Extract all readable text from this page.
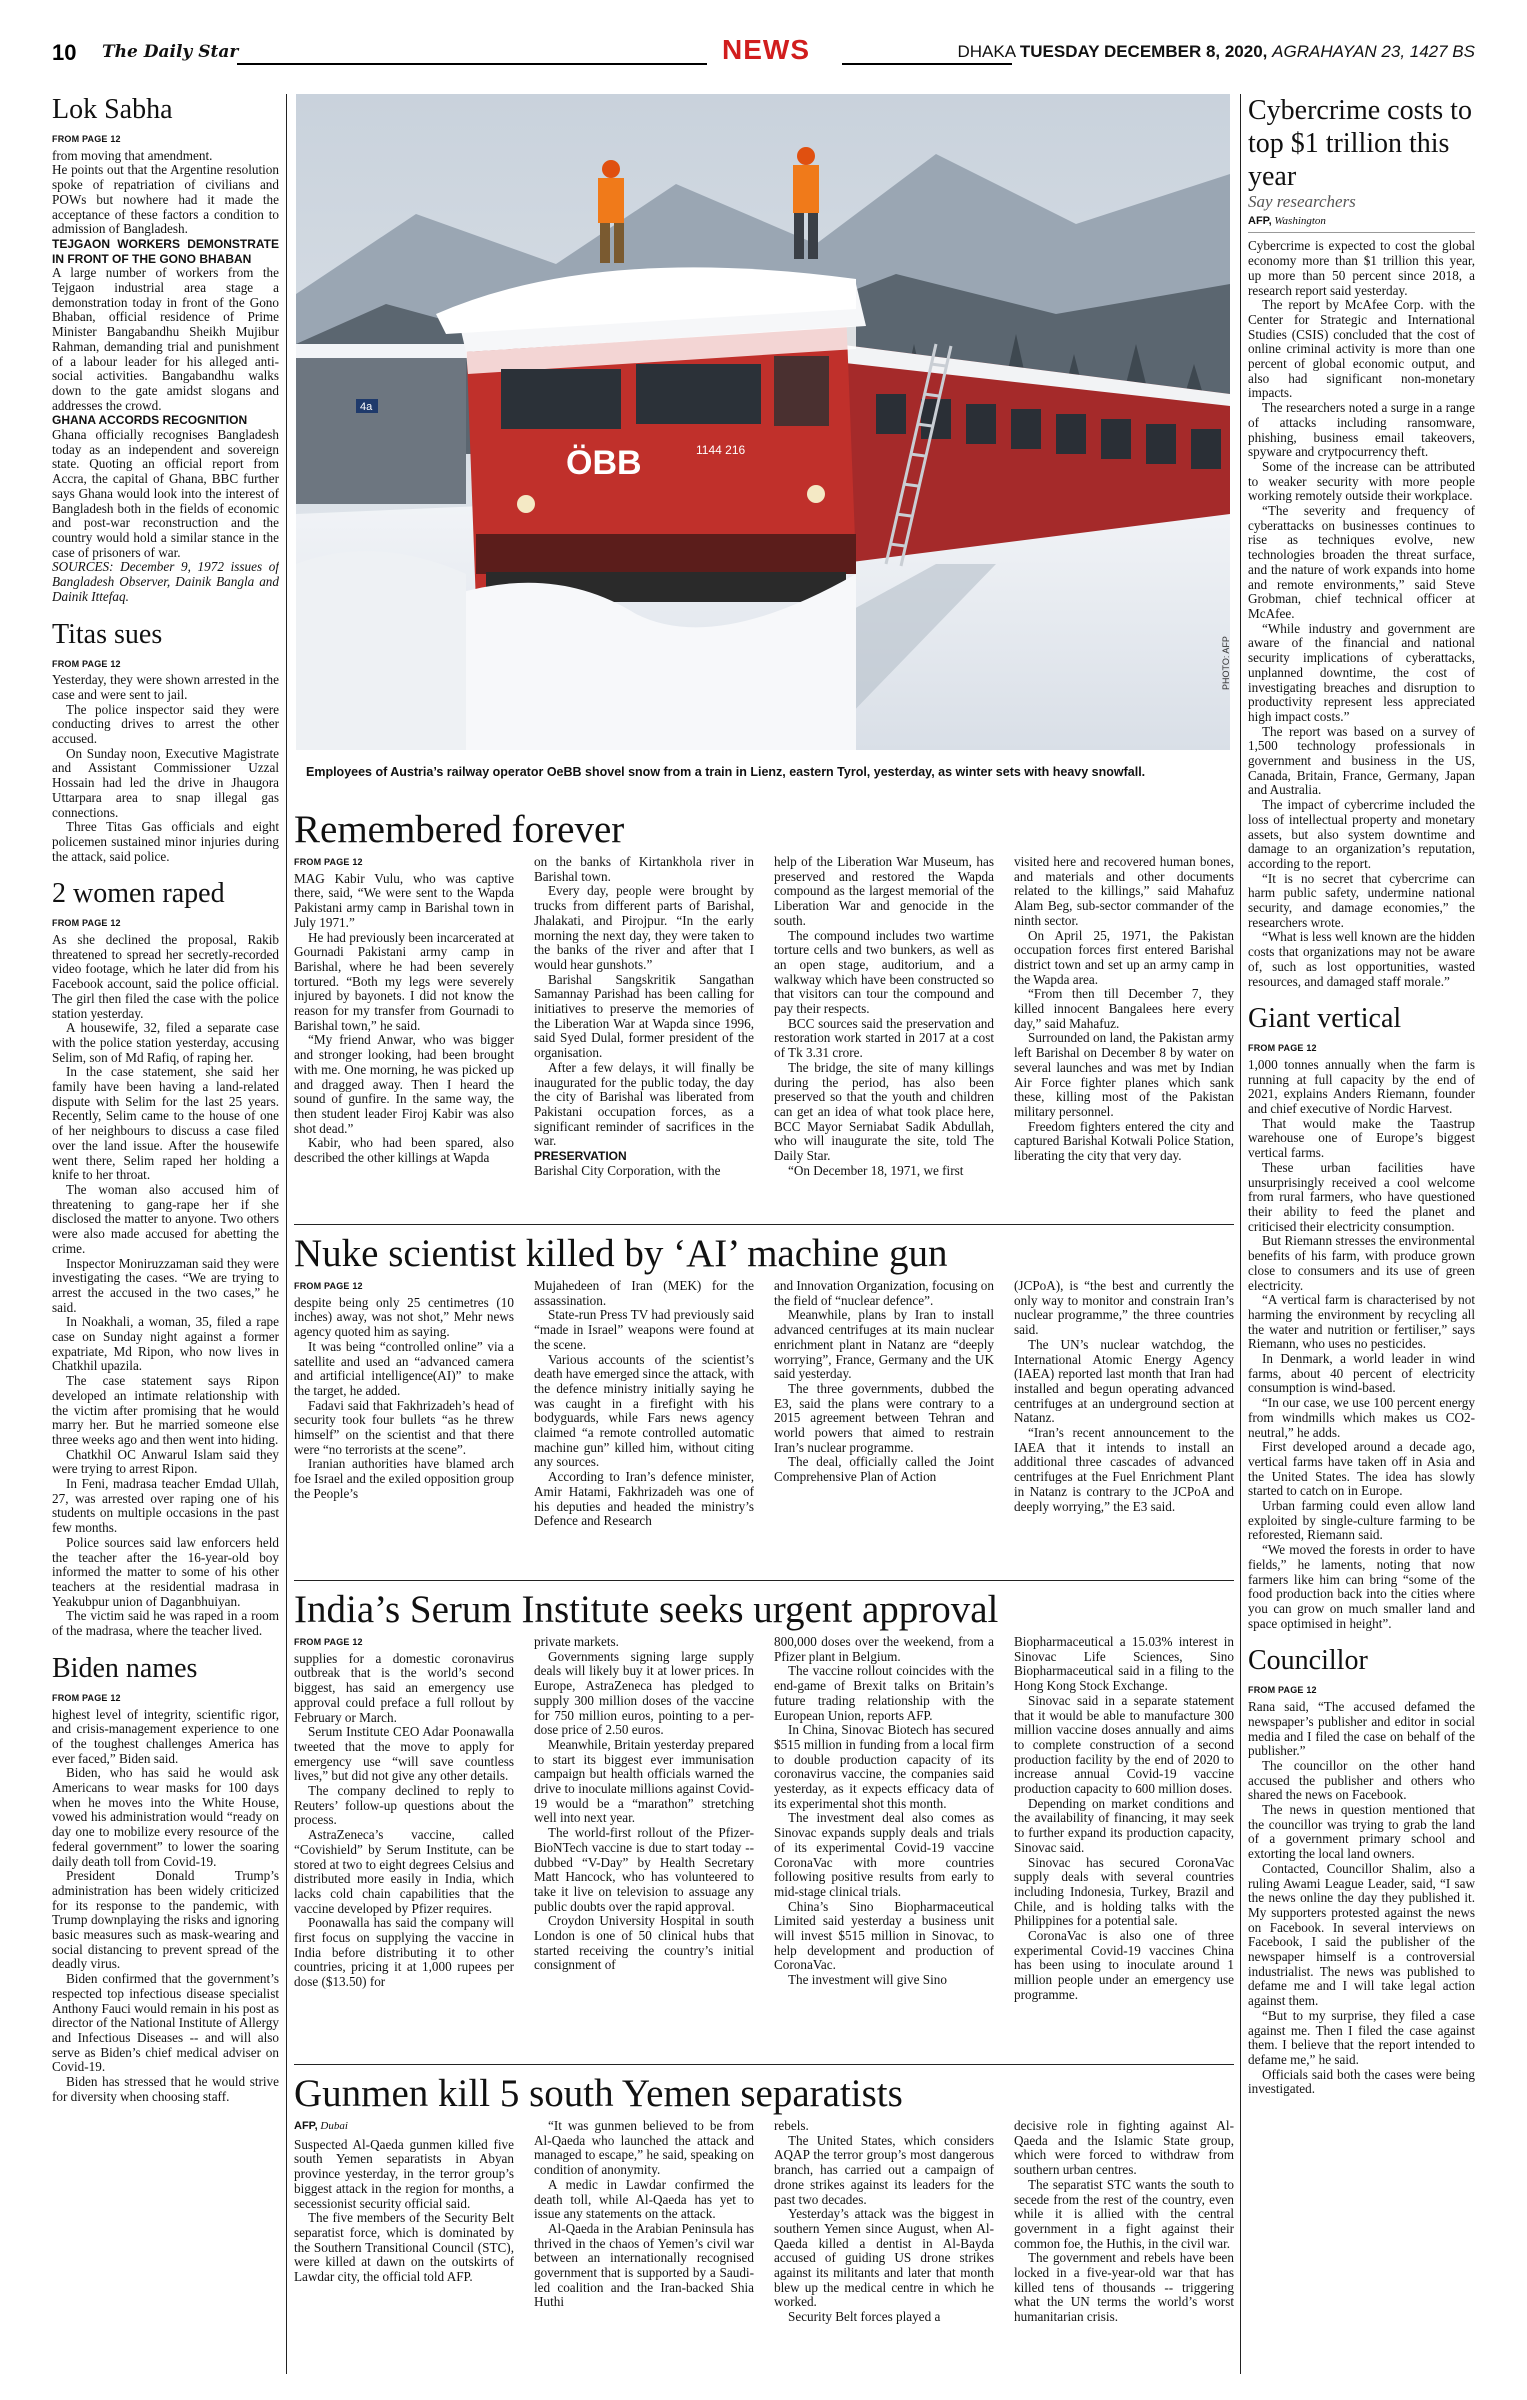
10 The Daily Star	NEWS	DHAKA TUESDAY DECEMBER 8, 2020, AGRAHAYAN 23, 1427 BS
Lok Sabha
FROM PAGE 12

from moving that amendment.

He points out that the Argentine resolution spoke of repatriation of civilians and POWs but nowhere had it made the acceptance of these factors a condition to admission of Bangladesh.

TEJGAON WORKERS DEMONSTRATE IN FRONT OF THE GONO BHABAN

A large number of workers from the Tejgaon industrial area stage a demonstration today in front of the Gono Bhaban, official residence of Prime Minister Bangabandhu Sheikh Mujibur Rahman, demanding trial and punishment of a labour leader for his alleged anti-social activities. Bangabandhu walks down to the gate amidst slogans and addresses the crowd.

GHANA ACCORDS RECOGNITION

Ghana officially recognises Bangladesh today as an independent and sovereign state. Quoting an official report from Accra, the capital of Ghana, BBC further says Ghana would look into the interest of Bangladesh both in the fields of economic and post-war reconstruction and the country would hold a similar stance in the case of prisoners of war.

SOURCES: December 9, 1972 issues of Bangladesh Observer, Dainik Bangla and Dainik Ittefaq.

Titas sues
FROM PAGE 12

Yesterday, they were shown arrested in the case and were sent to jail.

The police inspector said they were conducting drives to arrest the other accused.

On Sunday noon, Executive Magistrate and Assistant Commissioner Uzzal Hossain had led the drive in Jhaugora Uttarpara area to snap illegal gas connections.

Three Titas Gas officials and eight policemen sustained minor injuries during the attack, said police.

2 women raped
FROM PAGE 12

As she declined the proposal, Rakib threatened to spread her secretly-recorded video footage, which he later did from his Facebook account, said the police official. The girl then filed the case with the police station yesterday.

A housewife, 32, filed a separate case with the police station yesterday, accusing Selim, son of Md Rafiq, of raping her.

In the case statement, she said her family have been having a land-related dispute with Selim for the last 25 years. Recently, Selim came to the house of one of her neighbours to discuss a case filed over the land issue. After the housewife went there, Selim raped her holding a knife to her throat.

The woman also accused him of threatening to gang-rape her if she disclosed the matter to anyone. Two others were also made accused for abetting the crime.

Inspector Moniruzzaman said they were investigating the cases. “We are trying to arrest the accused in the two cases,” he said.

In Noakhali, a woman, 35, filed a rape case on Sunday night against a former expatriate, Md Ripon, who now lives in Chatkhil upazila.

The case statement says Ripon developed an intimate relationship with the victim after promising that he would marry her. But he married someone else three weeks ago and then went into hiding.

Chatkhil OC Anwarul Islam said they were trying to arrest Ripon.

In Feni, madrasa teacher Emdad Ullah, 27, was arrested over raping one of his students on multiple occasions in the past few months.

Police sources said law enforcers held the teacher after the 16-year-old boy informed the matter to some of his other teachers at the residential madrasa in Yeakubpur union of Daganbhuiyan.

The victim said he was raped in a room of the madrasa, where the teacher lived.

Biden names
FROM PAGE 12

highest level of integrity, scientific rigor, and crisis-management experience to one of the toughest challenges America has ever faced,” Biden said.

Biden, who has said he would ask Americans to wear masks for 100 days when he moves into the White House, vowed his administration would “ready on day one to mobilize every resource of the federal government” to lower the soaring daily death toll from Covid-19.

President Donald Trump’s administration has been widely criticized for its response to the pandemic, with Trump downplaying the risks and ignoring basic measures such as mask-wearing and social distancing to prevent spread of the deadly virus.

Biden confirmed that the government’s respected top infectious disease specialist Anthony Fauci would remain in his post as director of the National Institute of Allergy and Infectious Diseases -- and will also serve as Biden’s chief medical adviser on Covid-19.

Biden has stressed that he would strive for diversity when choosing staff.

4a
ÖBB	1144 216
PHOTO: AFP
Employees of Austria’s railway operator OeBB shovel snow from a train in Lienz, eastern Tyrol, yesterday, as winter sets with heavy snowfall.
Remembered forever
FROM PAGE 12

MAG Kabir Vulu, who was captive there, said, “We were sent to the Wapda Pakistani army camp in Barishal town in July 1971.”

He had previously been incarcerated at Gournadi Pakistani army camp in Barishal, where he had been severely tortured. “Both my legs were severely injured by bayonets. I did not know the reason for my transfer from Gournadi to Barishal town,” he said.

“My friend Anwar, who was bigger and stronger looking, had been brought with me. One morning, he was picked up and dragged away. Then I heard the sound of gunfire. In the same way, the then student leader Firoj Kabir was also shot dead.”

Kabir, who had been spared, also described the other killings at Wapda

on the banks of Kirtankhola river in Barishal town.

Every day, people were brought by trucks from different parts of Barishal, Jhalakati, and Pirojpur. “In the early morning the next day, they were taken to the banks of the river and after that I would hear gunshots.”

Barishal Sangskritik Sangathan Samannay Parishad has been calling for initiatives to preserve the memories of the Liberation War at Wapda since 1996, said Syed Dulal, former president of the organisation.

After a few delays, it will finally be inaugurated for the public today, the day the city of Barishal was liberated from Pakistani occupation forces, as a significant reminder of sacrifices in the war.

PRESERVATION

Barishal City Corporation, with the

help of the Liberation War Museum, has preserved and restored the Wapda compound as the largest memorial of the Liberation War and genocide in the south.

The compound includes two wartime torture cells and two bunkers, as well as an open stage, auditorium, and a walkway which have been constructed so that visitors can tour the compound and pay their respects.

BCC sources said the preservation and restoration work started in 2017 at a cost of Tk 3.31 crore.

The bridge, the site of many killings during the period, has also been preserved so that the youth and children can get an idea of what took place here, BCC Mayor Serniabat Sadik Abdullah, who will inaugurate the site, told The Daily Star.

“On December 18, 1971, we first

visited here and recovered human bones, and materials and other documents related to the killings,” said Mahafuz Alam Beg, sub-sector commander of the ninth sector.

On April 25, 1971, the Pakistan occupation forces first entered Barishal district town and set up an army camp in the Wapda area.

“From then till December 7, they killed innocent Bangalees here every day,” said Mahafuz.

Surrounded on land, the Pakistan army left Barishal on December 8 by water on several launches and was met by Indian Air Force fighter planes which sank these, killing most of the Pakistan military personnel.

Freedom fighters entered the city and captured Barishal Kotwali Police Station, liberating the city that very day.

Nuke scientist killed by ‘AI’ machine gun
FROM PAGE 12

despite being only 25 centimetres (10 inches) away, was not shot,” Mehr news agency quoted him as saying.

It was being “controlled online” via a satellite and used an “advanced camera and artificial intelligence(AI)” to make the target, he added.

Fadavi said that Fakhrizadeh’s head of security took four bullets “as he threw himself” on the scientist and that there were “no terrorists at the scene”.

Iranian authorities have blamed arch foe Israel and the exiled opposition group the People’s

Mujahedeen of Iran (MEK) for the assassination.

State-run Press TV had previously said “made in Israel” weapons were found at the scene.

Various accounts of the scientist’s death have emerged since the attack, with the defence ministry initially saying he was caught in a firefight with his bodyguards, while Fars news agency claimed “a remote controlled automatic machine gun” killed him, without citing any sources.

According to Iran’s defence minister, Amir Hatami, Fakhrizadeh was one of his deputies and headed the ministry’s Defence and Research

and Innovation Organization, focusing on the field of “nuclear defence”.

Meanwhile, plans by Iran to install advanced centrifuges at its main nuclear enrichment plant in Natanz are “deeply worrying”, France, Germany and the UK said yesterday.

The three governments, dubbed the E3, said the plans were contrary to a 2015 agreement between Tehran and world powers that aimed to restrain Iran’s nuclear programme.

The deal, officially called the Joint Comprehensive Plan of Action

(JCPoA), is “the best and currently the only way to monitor and constrain Iran’s nuclear programme,” the three countries said.

The UN’s nuclear watchdog, the International Atomic Energy Agency (IAEA) reported last month that Iran had installed and begun operating advanced centrifuges at an underground section at Natanz.

“Iran’s recent announcement to the IAEA that it intends to install an additional three cascades of advanced centrifuges at the Fuel Enrichment Plant in Natanz is contrary to the JCPoA and deeply worrying,” the E3 said.

India’s Serum Institute seeks urgent approval
FROM PAGE 12

supplies for a domestic coronavirus outbreak that is the world’s second biggest, has said an emergency use approval could preface a full rollout by February or March.

Serum Institute CEO Adar Poonawalla tweeted that the move to apply for emergency use “will save countless lives,” but did not give any other details.

The company declined to reply to Reuters’ follow-up questions about the process.

AstraZeneca’s vaccine, called “Covishield” by Serum Institute, can be stored at two to eight degrees Celsius and distributed more easily in India, which lacks cold chain capabilities that the vaccine developed by Pfizer requires.

Poonawalla has said the company will first focus on supplying the vaccine in India before distributing it to other countries, pricing it at 1,000 rupees per dose ($13.50) for

private markets.

Governments signing large supply deals will likely buy it at lower prices. In Europe, AstraZeneca has pledged to supply 300 million doses of the vaccine for 750 million euros, pointing to a per-dose price of 2.50 euros.

Meanwhile, Britain yesterday prepared to start its biggest ever immunisation campaign but health officials warned the drive to inoculate millions against Covid-19 would be a “marathon” stretching well into next year.

The world-first rollout of the Pfizer-BioNTech vaccine is due to start today -- dubbed “V-Day” by Health Secretary Matt Hancock, who has volunteered to take it live on television to assuage any public doubts over the rapid approval.

Croydon University Hospital in south London is one of 50 clinical hubs that started receiving the country’s initial consignment of

800,000 doses over the weekend, from a Pfizer plant in Belgium.

The vaccine rollout coincides with the end-game of Brexit talks on Britain’s future trading relationship with the European Union, reports AFP.

In China, Sinovac Biotech has secured $515 million in funding from a local firm to double production capacity of its coronavirus vaccine, the companies said yesterday, as it expects efficacy data of its experimental shot this month.

The investment deal also comes as Sinovac expands supply deals and trials of its experimental Covid-19 vaccine CoronaVac with more countries following positive results from early to mid-stage clinical trials.

China’s Sino Biopharmaceutical Limited said yesterday a business unit will invest $515 million in Sinovac, to help development and production of CoronaVac.

The investment will give Sino

Biopharmaceutical a 15.03% interest in Sinovac Life Sciences, Sino Biopharmaceutical said in a filing to the Hong Kong Stock Exchange.

Sinovac said in a separate statement that it would be able to manufacture 300 million vaccine doses annually and aims to complete construction of a second production facility by the end of 2020 to increase annual Covid-19 vaccine production capacity to 600 million doses.

Depending on market conditions and the availability of financing, it may seek to further expand its production capacity, Sinovac said.

Sinovac has secured CoronaVac supply deals with several countries including Indonesia, Turkey, Brazil and Chile, and is holding talks with the Philippines for a potential sale.

CoronaVac is also one of three experimental Covid-19 vaccines China has been using to inoculate around 1 million people under an emergency use programme.

Gunmen kill 5 south Yemen separatists
AFP, Dubai

Suspected Al-Qaeda gunmen killed five south Yemen separatists in Abyan province yesterday, in the terror group’s biggest attack in the region for months, a secessionist security official said.

The five members of the Security Belt separatist force, which is dominated by the Southern Transitional Council (STC), were killed at dawn on the outskirts of Lawdar city, the official told AFP.

“It was gunmen believed to be from Al-Qaeda who launched the attack and managed to escape,” he said, speaking on condition of anonymity.

A medic in Lawdar confirmed the death toll, while Al-Qaeda has yet to issue any statements on the attack.

Al-Qaeda in the Arabian Peninsula has thrived in the chaos of Yemen’s civil war between an internationally recognised government that is supported by a Saudi-led coalition and the Iran-backed Shia Huthi

rebels.

The United States, which considers AQAP the terror group’s most dangerous branch, has carried out a campaign of drone strikes against its leaders for the past two decades.

Yesterday’s attack was the biggest in southern Yemen since August, when Al-Qaeda killed a dentist in Al-Bayda accused of guiding US drone strikes against its militants and later that month blew up the medical centre in which he worked.

Security Belt forces played a

decisive role in fighting against Al-Qaeda and the Islamic State group, which were forced to withdraw from southern urban centres.

The separatist STC wants the south to secede from the rest of the country, even while it is allied with the central government in a fight against their common foe, the Huthis, in the civil war.

The government and rebels have been locked in a five-year-old war that has killed tens of thousands -- triggering what the UN terms the world’s worst humanitarian crisis.

Cybercrime costs to top $1 trillion this year
Say researchers
AFP, Washington

Cybercrime is expected to cost the global economy more than $1 trillion this year, up more than 50 percent since 2018, a research report said yesterday.

The report by McAfee Corp. with the Center for Strategic and International Studies (CSIS) concluded that the cost of online criminal activity is more than one percent of global economic output, and also had significant non-monetary impacts.

The researchers noted a surge in a range of attacks including ransomware, phishing, business email takeovers, spyware and crytpocurrency theft.

Some of the increase can be attributed to weaker security with more people working remotely outside their workplace.

“The severity and frequency of cyberattacks on businesses continues to rise as techniques evolve, new technologies broaden the threat surface, and the nature of work expands into home and remote environments,” said Steve Grobman, chief technical officer at McAfee.

“While industry and government are aware of the financial and national security implications of cyberattacks, unplanned downtime, the cost of investigating breaches and disruption to productivity represent less appreciated high impact costs.”

The report was based on a survey of 1,500 technology professionals in government and business in the US, Canada, Britain, France, Germany, Japan and Australia.

The impact of cybercrime included the loss of intellectual property and monetary assets, but also system downtime and damage to an organization’s reputation, according to the report.

“It is no secret that cybercrime can harm public safety, undermine national security, and damage economies,” the researchers wrote.

“What is less well known are the hidden costs that organizations may not be aware of, such as lost opportunities, wasted resources, and damaged staff morale.”

Giant vertical
FROM PAGE 12

1,000 tonnes annually when the farm is running at full capacity by the end of 2021, explains Anders Riemann, founder and chief executive of Nordic Harvest.

That would make the Taastrup warehouse one of Europe’s biggest vertical farms.

These urban facilities have unsurprisingly received a cool welcome from rural farmers, who have questioned their ability to feed the planet and criticised their electricity consumption.

But Riemann stresses the environmental benefits of his farm, with produce grown close to consumers and its use of green electricity.

“A vertical farm is characterised by not harming the environment by recycling all the water and nutrition or fertiliser,” says Riemann, who uses no pesticides.

In Denmark, a world leader in wind farms, about 40 percent of electricity consumption is wind-based.

“In our case, we use 100 percent energy from windmills which makes us CO2-neutral,” he adds.

First developed around a decade ago, vertical farms have taken off in Asia and the United States. The idea has slowly started to catch on in Europe.

Urban farming could even allow land exploited by single-culture farming to be reforested, Riemann said.

“We moved the forests in order to have fields,” he laments, noting that now farmers like him can bring “some of the food production back into the cities where you can grow on much smaller land and space optimised in height”.

Councillor
FROM PAGE 12

Rana said, “The accused defamed the newspaper’s publisher and editor in social media and I filed the case on behalf of the publisher.”

The councillor on the other hand accused the publisher and others who shared the news on Facebook.

The news in question mentioned that the councillor was trying to grab the land of a government primary school and extorting the local land owners.

Contacted, Councillor Shalim, also a ruling Awami League Leader, said, “I saw the news online the day they published it. My supporters protested against the news on Facebook. In several interviews on Facebook, I said the publisher of the newspaper himself is a controversial industrialist. The news was published to defame me and I will take legal action against them.

“But to my surprise, they filed a case against me. Then I filed the case against them. I believe that the report intended to defame me,” he said.

Officials said both the cases were being investigated.
